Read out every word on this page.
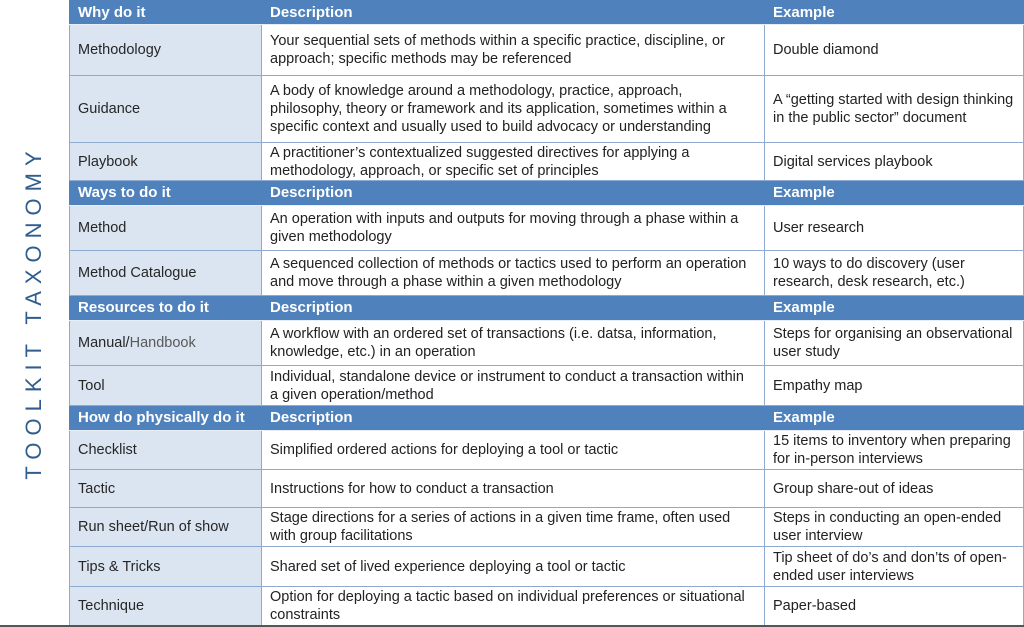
TOOLKIT TAXONOMY
Why do it	Description	Example
Methodology	Your sequential sets of methods within a specific practice, discipline, or approach; specific methods may be referenced	Double diamond
Guidance	A body of knowledge around a methodology, practice, approach, philosophy, theory or framework and its application, sometimes within a specific context and usually used to build advocacy or understanding	A “getting started with design thinking in the public sector” document
Playbook	A practitioner’s contextualized suggested directives for applying a methodology, approach, or specific set of principles	Digital services playbook
Ways to do it	Description	Example
Method	An operation with inputs and outputs for moving through a phase within a given methodology	User research
Method Catalogue	A sequenced collection of methods or tactics used to perform an operation and move through a phase within a given methodology	10 ways to do discovery (user research, desk research, etc.)
Resources to do it	Description	Example
Manual/Handbook	A workflow with an ordered set of transactions (i.e. datsa, information, knowledge, etc.) in an operation	Steps for organising an observational user study
Tool	Individual, standalone device or instrument to conduct a transaction within a given operation/method	Empathy map
How do physically do it	Description	Example
Checklist	Simplified ordered actions for deploying a tool or tactic	15 items to inventory when preparing for in-person interviews
Tactic	Instructions for how to conduct a transaction	Group share-out of ideas
Run sheet/Run of show	Stage directions for a series of actions in a given time frame, often used with group facilitations	Steps in conducting an open-ended user interview
Tips & Tricks	Shared set of lived experience deploying a tool or tactic	Tip sheet of do’s and don’ts of open-ended user interviews
Technique	Option for deploying a tactic based on individual preferences or situational constraints	Paper-based
